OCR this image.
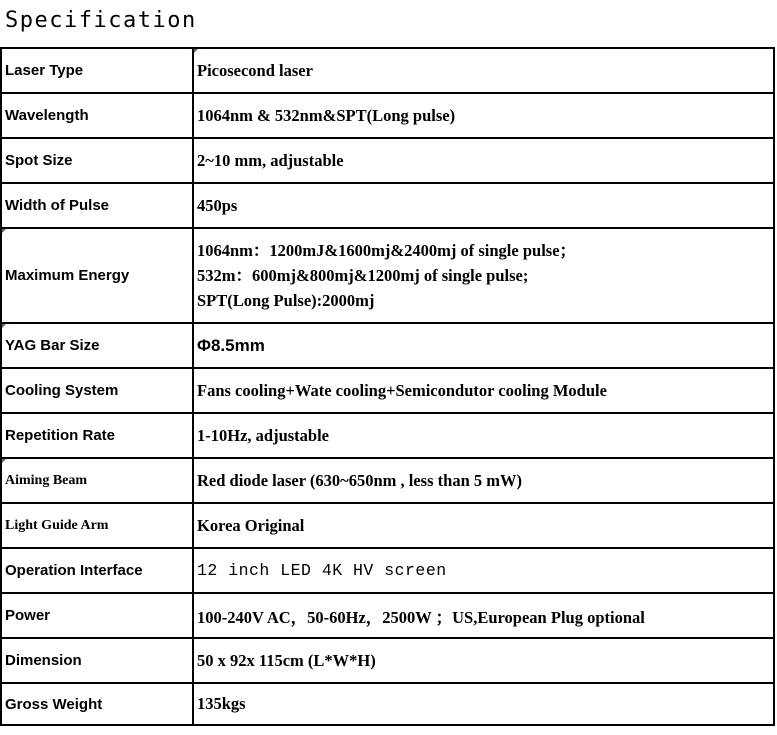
Specification
Laser Type	Picosecond laser
Wavelength	1064nm & 532nm&SPT(Long pulse)
Spot Size	2~10 mm, adjustable
Width of Pulse	450ps

Maximum Energy	1064nm：1200mJ&1600mj&2400mj of single pulse；
532m：600mj&800mj&1200mj of single pulse;
SPT(Long Pulse):2000mj

YAG Bar Size	Φ8.5mm
Cooling System	Fans cooling+Wate cooling+Semicondutor cooling Module
Repetition Rate	1-10Hz, adjustable

Aiming Beam	Red diode laser (630~650nm , less than 5 mW)
Light Guide Arm	Korea Original
Operation Interface	12 inch LED 4K HV screen
Power	100-240V AC，50-60Hz，2500W ；US,European Plug optional
Dimension	50 x 92x 115cm (L*W*H)
Gross Weight	135kgs
